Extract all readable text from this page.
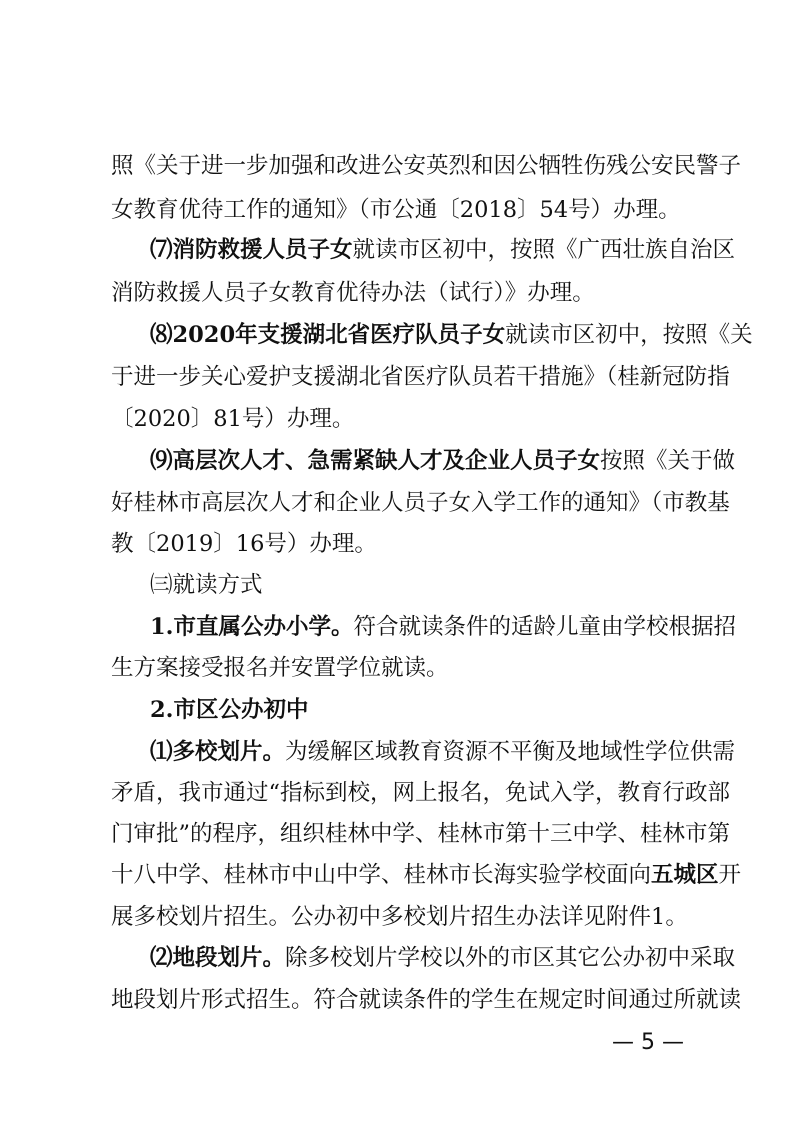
照《关于进一步加强和改进公安英烈和因公牺牲伤残公安民警子
女教育优待工作的通知》（市公通〔2018〕54号）办理。
⑺消防救援人员子女就读市区初中，按照《广西壮族自治区
消防救援人员子女教育优待办法（试行）》办理。
⑻2020年支援湖北省医疗队员子女就读市区初中，按照《关
于进一步关心爱护支援湖北省医疗队员若干措施》（桂新冠防指
〔2020〕81号）办理。
⑼高层次人才、急需紧缺人才及企业人员子女按照《关于做
好桂林市高层次人才和企业人员子女入学工作的通知》（市教基
教〔2019〕16号）办理。
㈢就读方式
1.市直属公办小学。符合就读条件的适龄儿童由学校根据招
生方案接受报名并安置学位就读。
2.市区公办初中
⑴多校划片。为缓解区域教育资源不平衡及地域性学位供需
矛盾，我市通过“指标到校，网上报名，免试入学，教育行政部
门审批”的程序，组织桂林中学、桂林市第十三中学、桂林市第
十八中学、桂林市中山中学、桂林市长海实验学校面向五城区开
展多校划片招生。公办初中多校划片招生办法详见附件1。
⑵地段划片。除多校划片学校以外的市区其它公办初中采取
地段划片形式招生。符合就读条件的学生在规定时间通过所就读
— 5 —
